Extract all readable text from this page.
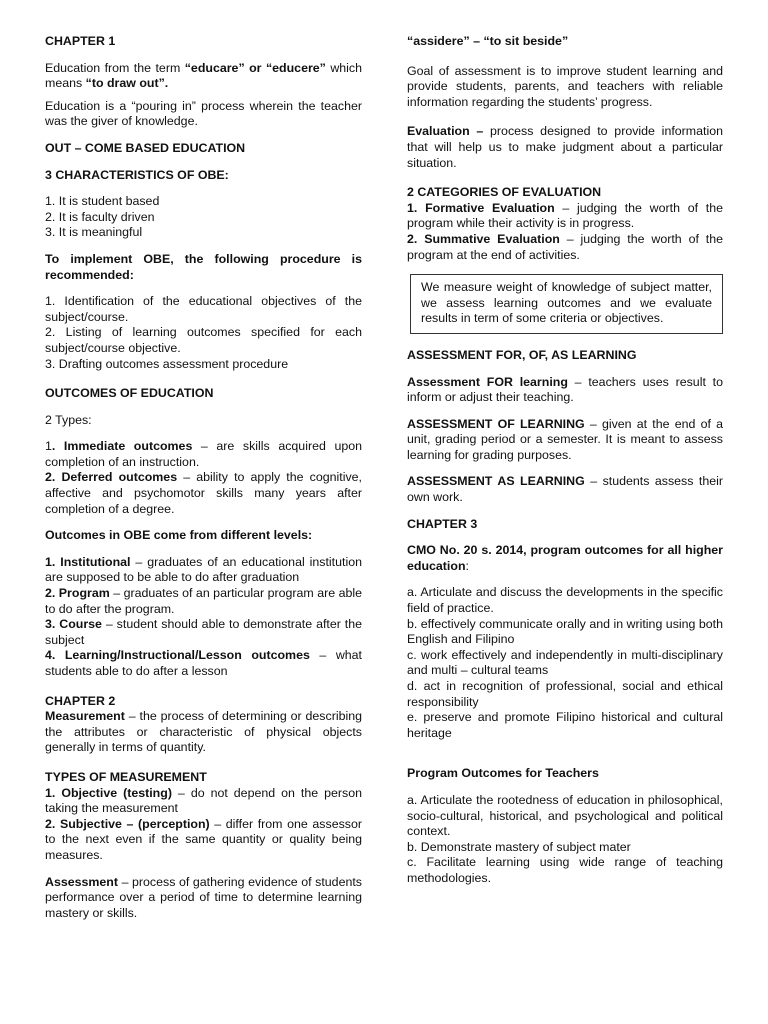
CHAPTER 1

Education from the term “educare” or “educere” which means “to draw out”.

Education is a “pouring in” process wherein the teacher was the giver of knowledge.

OUT – COME BASED EDUCATION

3 CHARACTERISTICS OF OBE:

1. It is student based
2. It is faculty driven
3. It is meaningful

To implement OBE, the following procedure is recommended:

1. Identification of the educational objectives of the subject/course.
2. Listing of learning outcomes specified for each subject/course objective.
3. Drafting outcomes assessment procedure

OUTCOMES OF EDUCATION

2 Types:

1. Immediate outcomes – are skills acquired upon completion of an instruction.

2. Deferred outcomes – ability to apply the cognitive, affective and psychomotor skills many years after completion of a degree.

Outcomes in OBE come from different levels:

1. Institutional – graduates of an educational institution are supposed to be able to do after graduation

2. Program – graduates of an particular program are able to do after the program.

3. Course – student should able to demonstrate after the subject

4. Learning/Instructional/Lesson outcomes – what students able to do after a lesson

CHAPTER 2

Measurement – the process of determining or describing the attributes or characteristic of physical objects generally in terms of quantity.

TYPES OF MEASUREMENT

1. Objective (testing) – do not depend on the person taking the measurement

2. Subjective – (perception) – differ from one assessor to the next even if the same quantity or quality being measures.

Assessment – process of gathering evidence of students performance over a period of time to determine learning mastery or skills.

“assidere” – “to sit beside”

Goal of assessment is to improve student learning and provide students, parents, and teachers with reliable information regarding the students’ progress.

Evaluation – process designed to provide information that will help us to make judgment about a particular situation.

2 CATEGORIES OF EVALUATION

1. Formative Evaluation – judging the worth of the program while their activity is in progress.

2. Summative Evaluation – judging the worth of the program at the end of activities.

We measure weight of knowledge of subject matter, we assess learning outcomes and we evaluate results in term of some criteria or objectives.

ASSESSMENT FOR, OF, AS LEARNING

Assessment FOR learning – teachers uses result to inform or adjust their teaching.

ASSESSMENT OF LEARNING – given at the end of a unit, grading period or a semester. It is meant to assess learning for grading purposes.

ASSESSMENT AS LEARNING – students assess their own work.

CHAPTER 3

CMO No. 20 s. 2014, program outcomes for all higher education:

a. Articulate and discuss the developments in the specific field of practice.
b. effectively communicate orally and in writing using both English and Filipino
c. work effectively and independently in multi-disciplinary and multi – cultural teams
d. act in recognition of professional, social and ethical responsibility
e. preserve and promote Filipino historical and cultural heritage

Program Outcomes for Teachers

a. Articulate the rootedness of education in philosophical, socio-cultural, historical, and psychological and political context.
b. Demonstrate mastery of subject mater
c. Facilitate learning using wide range of teaching methodologies.
